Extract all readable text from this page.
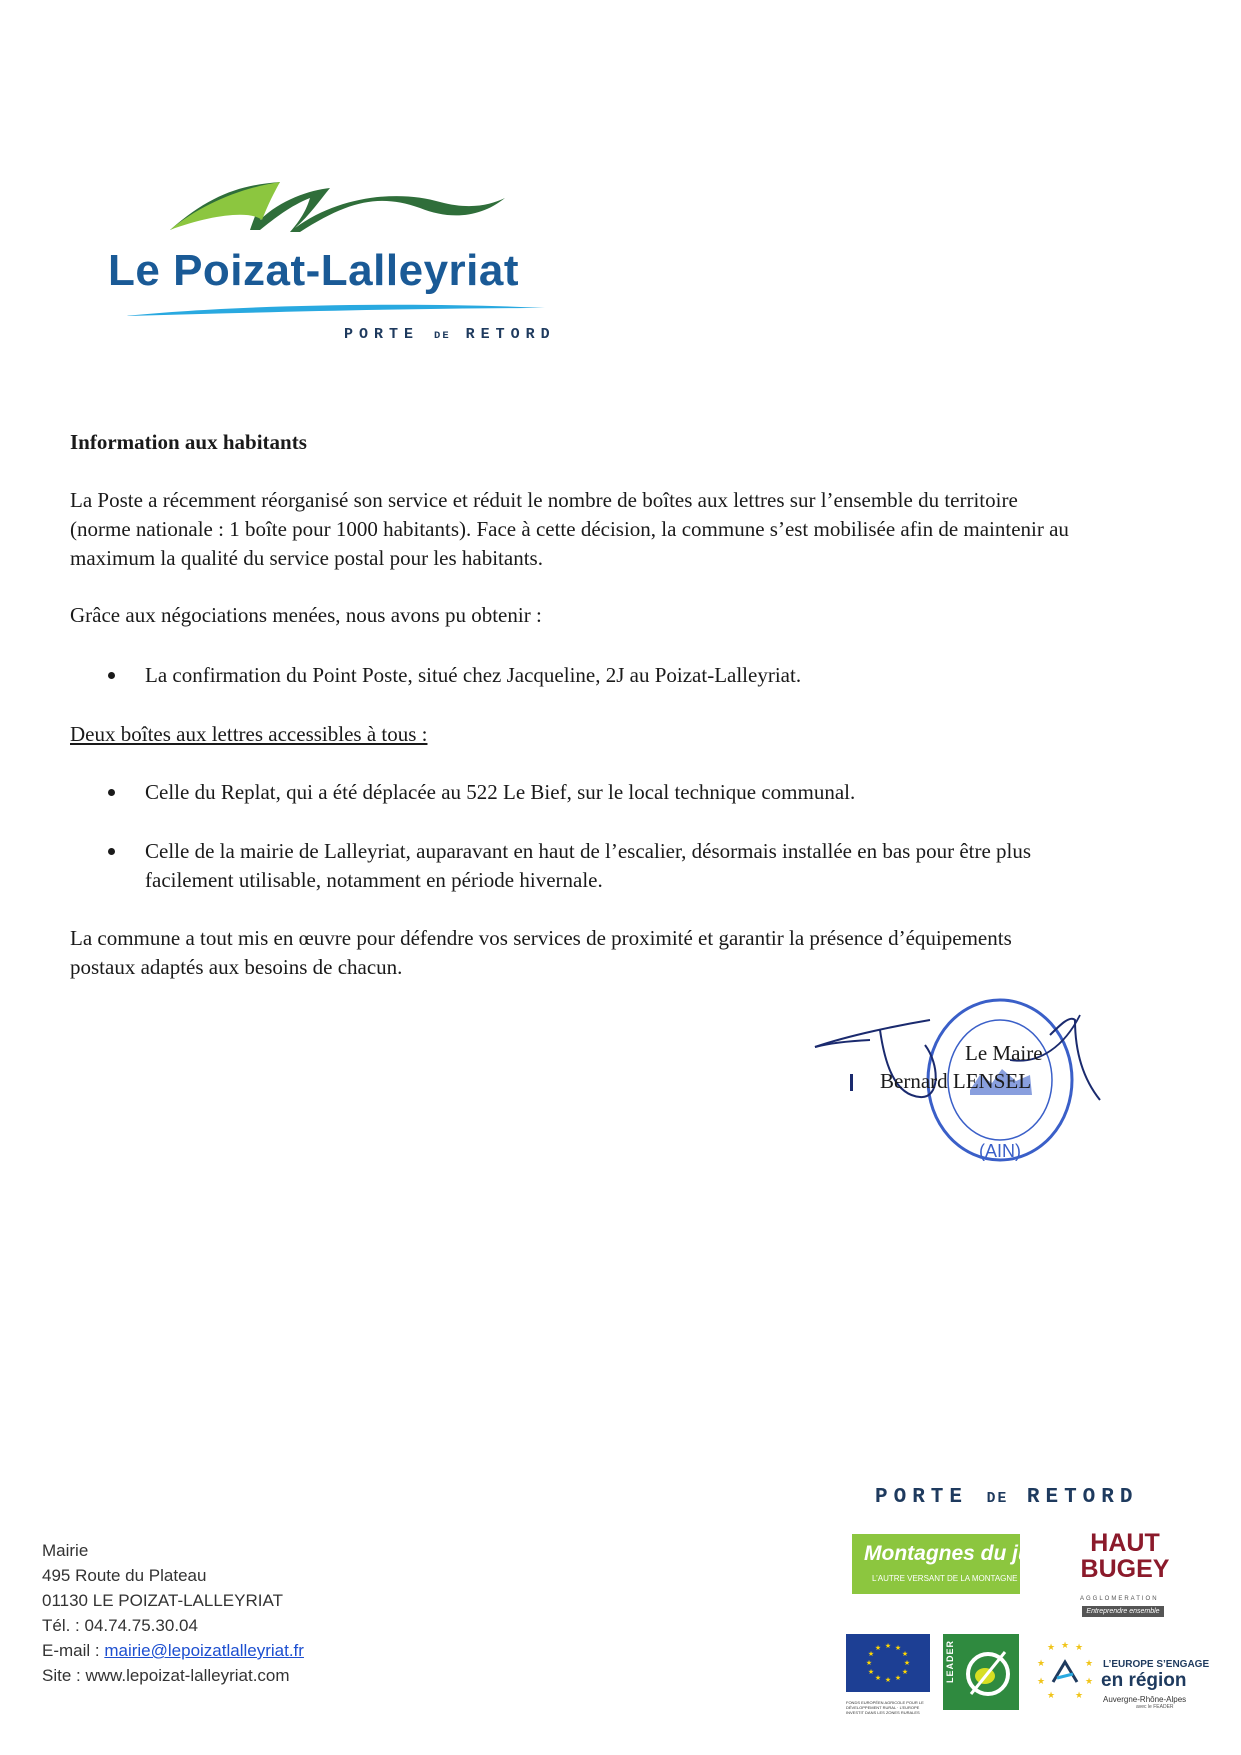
Le Poizat-Lalleyriat
PORTE DE RETORD
Information aux habitants
La Poste a récemment réorganisé son service et réduit le nombre de boîtes aux lettres sur l’ensemble du territoire (norme nationale : 1 boîte pour 1000 habitants). Face à cette décision, la commune s’est mobilisée afin de maintenir au maximum la qualité du service postal pour les habitants.
Grâce aux négociations menées, nous avons pu obtenir :
La confirmation du Point Poste, situé chez Jacqueline, 2J au Poizat-Lalleyriat.
Deux boîtes aux lettres accessibles à tous :
Celle du Replat, qui a été déplacée au 522 Le Bief, sur le local technique communal.
Celle de la mairie de Lalleyriat, auparavant en haut de l’escalier, désormais installée en bas pour être plus facilement utilisable, notamment en période hivernale.
La commune a tout mis en œuvre pour défendre vos services de proximité et garantir la présence d’équipements postaux adaptés aux besoins de chacun.
(AIN)
Le Maire
Bernard LENSEL
Mairie
495 Route du Plateau
01130 LE POIZAT-LALLEYRIAT
Tél. : 04.74.75.30.04
E-mail : mairie@lepoizatlalleyriat.fr
Site : www.lepoizat-lalleyriat.com
PORTE DE RETORD
Montagnes du jura
L’AUTRE VERSANT DE LA MONTAGNE
HAUT
BUGEY
AGGLOMERATION
Entreprendre ensemble
★ ★
★
★
★
★
★
★
★
★
★
★
FONDS EUROPÉEN AGRICOLE POUR LE DÉVELOPPEMENT RURAL · L’EUROPE INVESTIT DANS LES ZONES RURALES
LEADER	★ ★ ★
★	★
★	★
★ ★
L’EUROPE S’ENGAGE
en région
Auvergne-Rhône-Alpes
avec le FEADER
